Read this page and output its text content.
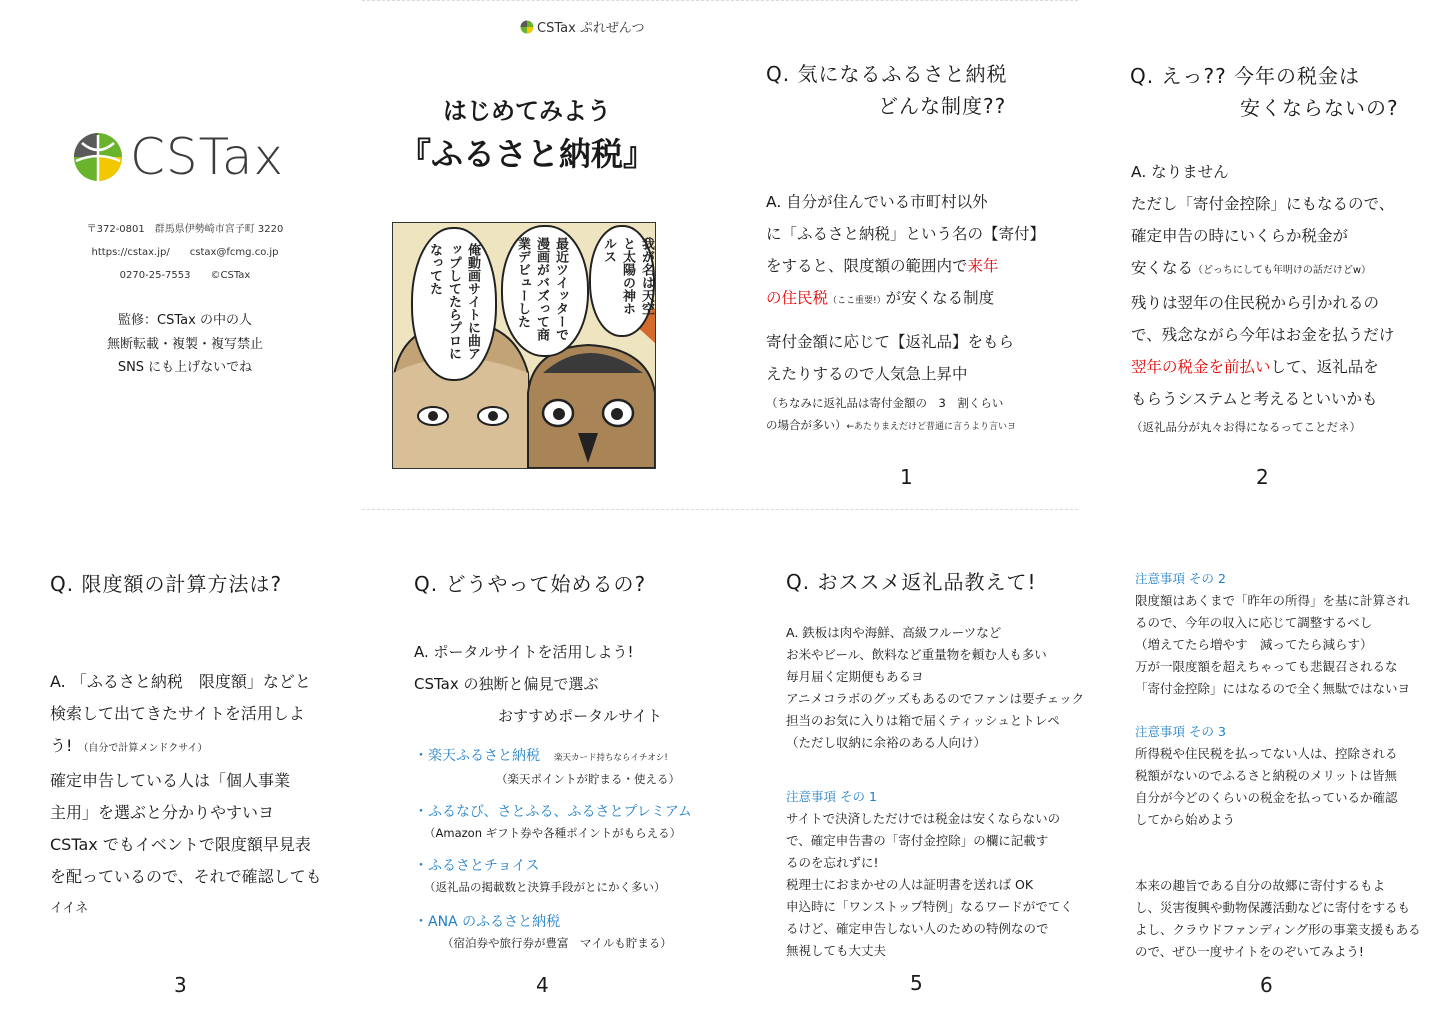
CSTax
〒372-0801　群馬県伊勢崎市宮子町 3220
https://cstax.jp/　　cstax@fcmg.co.jp
0270-25-7553　　©CSTax
監修：CSTax の中の人
無断転載・複製・複写禁止
SNS にも上げないでね
CSTax ぷれぜんつ
はじめてみよう
『ふるさと納税』
俺動画サイトに曲アップしてたらプロになってた	最近ツイッターで漫画がバズって商業デビューした	我が名は天空と太陽の神ホルス
Q. 気になるふるさと納税
どんな制度??
A. 自分が住んでいる市町村以外
に「ふるさと納税」という名の【寄付】
をすると、限度額の範囲内で来年
の住民税（ここ重要!）が安くなる制度
寄付金額に応じて【返礼品】をもら
えたりするので人気急上昇中
（ちなみに返礼品は寄付金額の　3　割くらい
の場合が多い）←あたりまえだけど普通に言うより言いヨ
1
Q. えっ?? 今年の税金は
安くならないの?
A. なりません
ただし「寄付金控除」にもなるので、
確定申告の時にいくらか税金が
安くなる（どっちにしても年明けの話だけどw）
残りは翌年の住民税から引かれるの
で、残念ながら今年はお金を払うだけ
翌年の税金を前払いして、返礼品を
もらうシステムと考えるといいかも
（返礼品分が丸々お得になるってことだネ）
2
Q. 限度額の計算方法は?
A. 「ふるさと納税　限度額」などと
検索して出てきたサイトを活用しよ
う! （自分で計算メンドクサイ）
確定申告している人は「個人事業
主用」を選ぶと分かりやすいヨ
CSTax でもイベントで限度額早見表
を配っているので、それで確認しても
イイネ
3
Q. どうやって始めるの?
A. ポータルサイトを活用しよう!
CSTax の独断と偏見で選ぶ
おすすめポータルサイト
・楽天ふるさと納税 楽天カード持ちならイチオシ!
（楽天ポイントが貯まる・使える）
・ふるなび、さとふる、ふるさとプレミアム
（Amazon ギフト券や各種ポイントがもらえる）
・ふるさとチョイス
（返礼品の掲載数と決算手段がとにかく多い）
・ANA のふるさと納税
（宿泊券や旅行券が豊富　マイルも貯まる）
4
Q. おススメ返礼品教えて!
A. 鉄板は肉や海鮮、高級フルーツなど
お米やビール、飲料など重量物を頼む人も多い
毎月届く定期便もあるヨ
アニメコラボのグッズもあるのでファンは要チェック
担当のお気に入りは箱で届くティッシュとトレペ
（ただし収納に余裕のある人向け）
注意事項 その 1
サイトで決済しただけでは税金は安くならないの
で、確定申告書の「寄付金控除」の欄に記載す
るのを忘れずに!
税理士におまかせの人は証明書を送れば OK
申込時に「ワンストップ特例」なるワードがでてく
るけど、確定申告しない人のための特例なので
無視しても大丈夫
5
注意事項 その 2
限度額はあくまで「昨年の所得」を基に計算され
るので、今年の収入に応じて調整するべし
（増えてたら増やす　減ってたら減らす）
万が一限度額を超えちゃっても悲観召されるな
「寄付金控除」にはなるので全く無駄ではないヨ
注意事項 その 3
所得税や住民税を払ってない人は、控除される
税額がないのでふるさと納税のメリットは皆無
自分が今どのくらいの税金を払っているか確認
してから始めよう
本来の趣旨である自分の故郷に寄付するもよ
し、災害復興や動物保護活動などに寄付をするも
よし、クラウドファンディング形の事業支援もある
ので、ぜひ一度サイトをのぞいてみよう!
6
